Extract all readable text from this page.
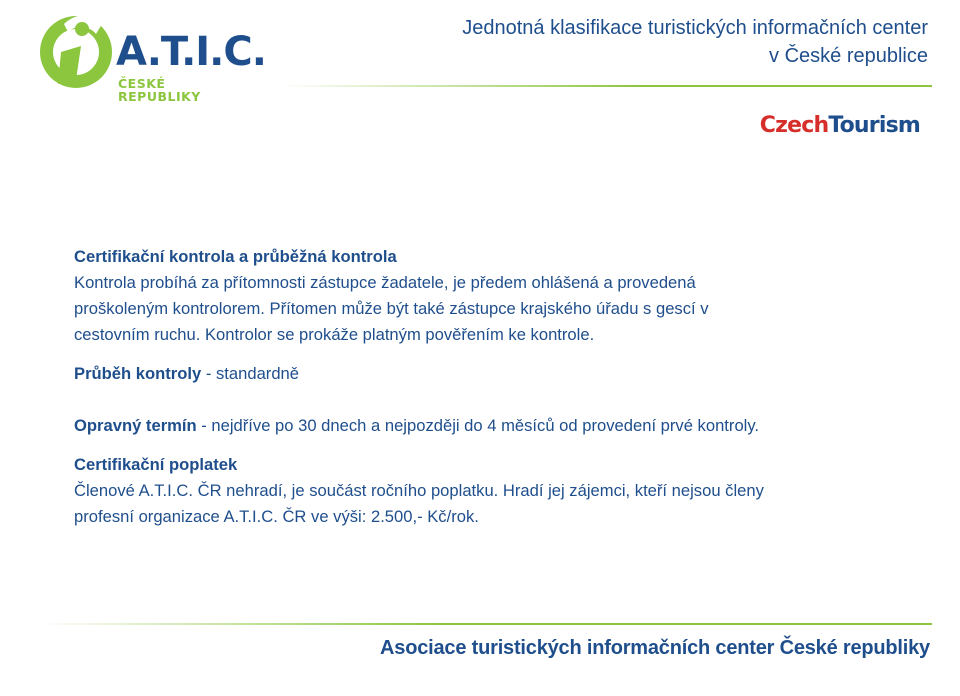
A.T.I.C.
ČESKÉ REPUBLIKY
Jednotná klasifikace turistických informačních center
v České republice
CzechTourism

Certifikační kontrola a průběžná kontrola

Kontrola probíhá za přítomnosti zástupce žadatele, je předem ohlášená a provedená

proškoleným kontrolorem. Přítomen může být také zástupce krajského úřadu s gescí v

cestovním ruchu. Kontrolor se prokáže platným pověřením ke kontrole.

Průběh kontroly - standardně

Opravný termín - nejdříve po 30 dnech a nejpozději do 4 měsíců od provedení prvé kontroly.

Certifikační poplatek

Členové A.T.I.C. ČR nehradí, je součást ročního poplatku. Hradí jej zájemci, kteří nejsou členy

profesní organizace A.T.I.C. ČR ve výši: 2.500,- Kč/rok.

Asociace turistických informačních center České republiky
